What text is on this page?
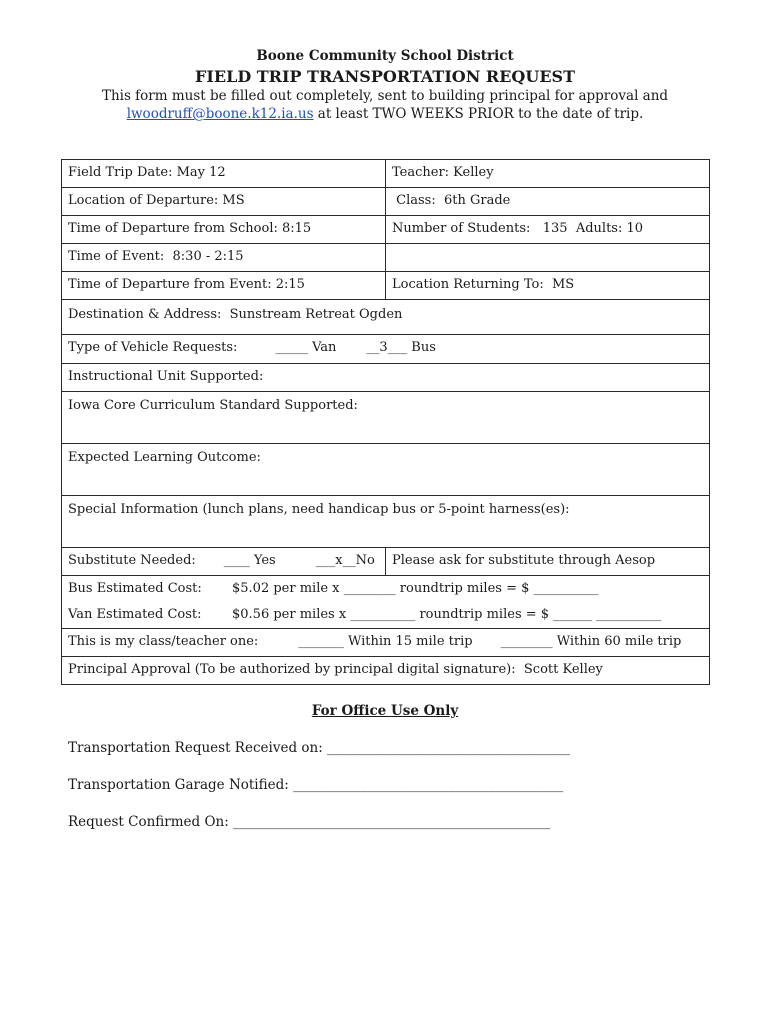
Boone Community School District
FIELD TRIP TRANSPORTATION REQUEST
This form must be filled out completely, sent to building principal for approval and
lwoodruff@boone.k12.ia.us at least TWO WEEKS PRIOR to the date of trip.
Field Trip Date: May 12	Teacher: Kelley
Location of Departure: MS	Class:  6th Grade
Time of Departure from School: 8:15	Number of Students:   135  Adults: 10
Time of Event:  8:30 - 2:15	
Time of Departure from Event: 2:15	Location Returning To:  MS
Destination & Address:  Sunstream Retreat Ogden	
Type of Vehicle Requests: _____ Van __3___ Bus	
Instructional Unit Supported:	
Iowa Core Curriculum Standard Supported:	
Expected Learning Outcome:	
Special Information (lunch plans, need handicap bus or 5-point harness(es):	
Substitute Needed: ____ Yes ___x__No	Please ask for substitute through Aesop

Bus Estimated Cost: $5.02 per mile x ________ roundtrip miles = $ __________
Van Estimated Cost: $0.56 per miles x __________ roundtrip miles = $ ______ __________	

This is my class/teacher one: _______ Within 15 mile trip ________ Within 60 mile trip	
Principal Approval (To be authorized by principal digital signature):  Scott Kelley	
For Office Use Only
Transportation Request Received on: ____________________________________
Transportation Garage Notified: ________________________________________
Request Confirmed On: _______________________________________________
